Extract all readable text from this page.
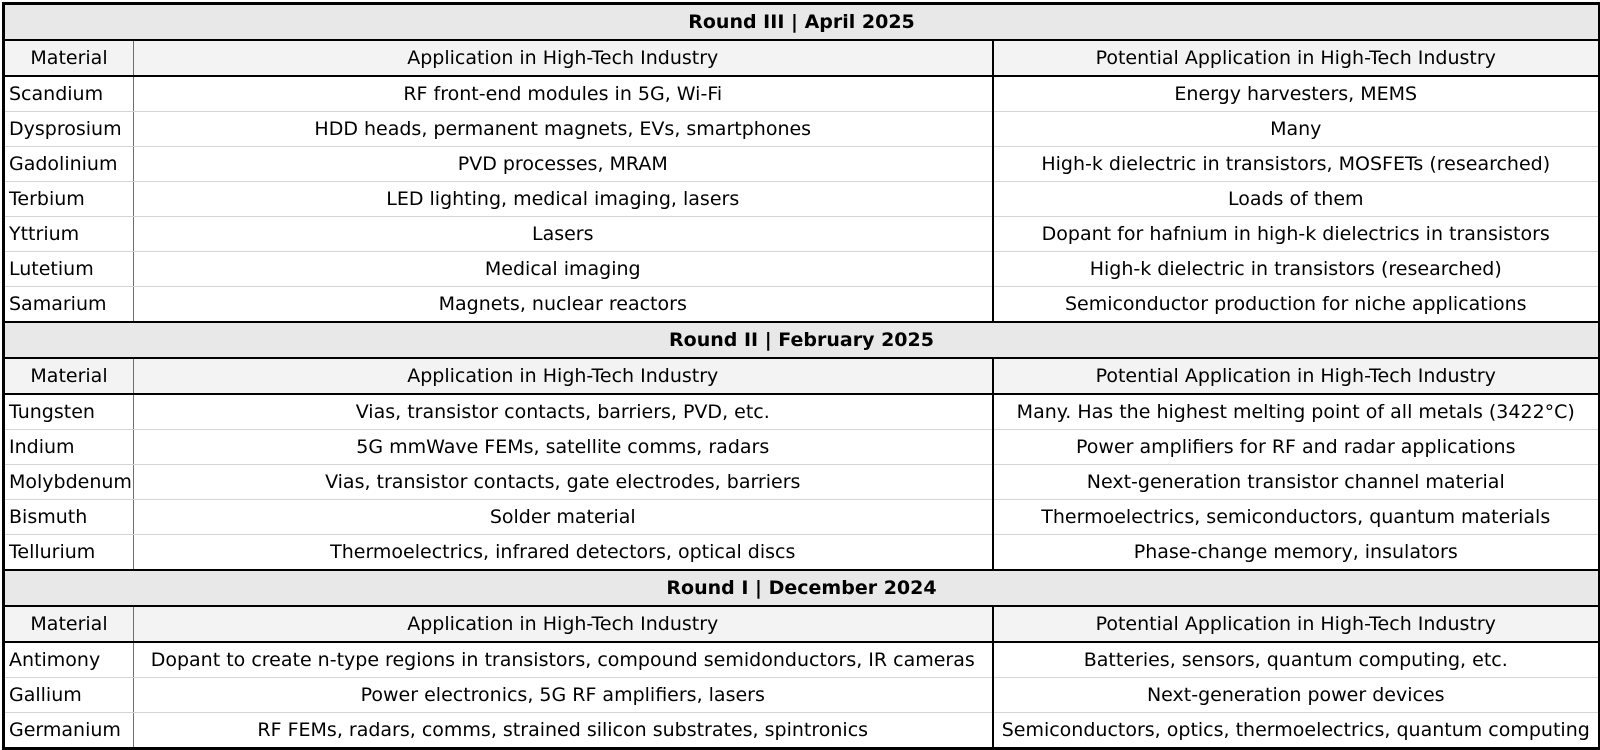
Round III | April 2025		
Material	Application in High-Tech Industry	Potential Application in High-Tech Industry
Scandium	RF front-end modules in 5G, Wi-Fi	Energy harvesters, MEMS
Dysprosium	HDD heads, permanent magnets, EVs, smartphones	Many
Gadolinium	PVD processes, MRAM	High-k dielectric in transistors, MOSFETs (researched)
Terbium	LED lighting, medical imaging, lasers	Loads of them
Yttrium	Lasers	Dopant for hafnium in high-k dielectrics in transistors
Lutetium	Medical imaging	High-k dielectric in transistors (researched)
Samarium	Magnets, nuclear reactors	Semiconductor production for niche applications
Round II | February 2025		
Material	Application in High-Tech Industry	Potential Application in High-Tech Industry
Tungsten	Vias, transistor contacts, barriers, PVD, etc.	Many. Has the highest melting point of all metals (3422°C)
Indium	5G mmWave FEMs, satellite comms, radars	Power amplifiers for RF and radar applications
Molybdenum	Vias, transistor contacts, gate electrodes, barriers	Next-generation transistor channel material
Bismuth	Solder material	Thermoelectrics, semiconductors, quantum materials
Tellurium	Thermoelectrics, infrared detectors, optical discs	Phase-change memory, insulators
Round I | December 2024		
Material	Application in High-Tech Industry	Potential Application in High-Tech Industry
Antimony	Dopant to create n-type regions in transistors, compound semidonductors, IR cameras	Batteries, sensors, quantum computing, etc.
Gallium	Power electronics, 5G RF amplifiers, lasers	Next-generation power devices
Germanium	RF FEMs, radars, comms, strained silicon substrates, spintronics	Semiconductors, optics, thermoelectrics, quantum computing
